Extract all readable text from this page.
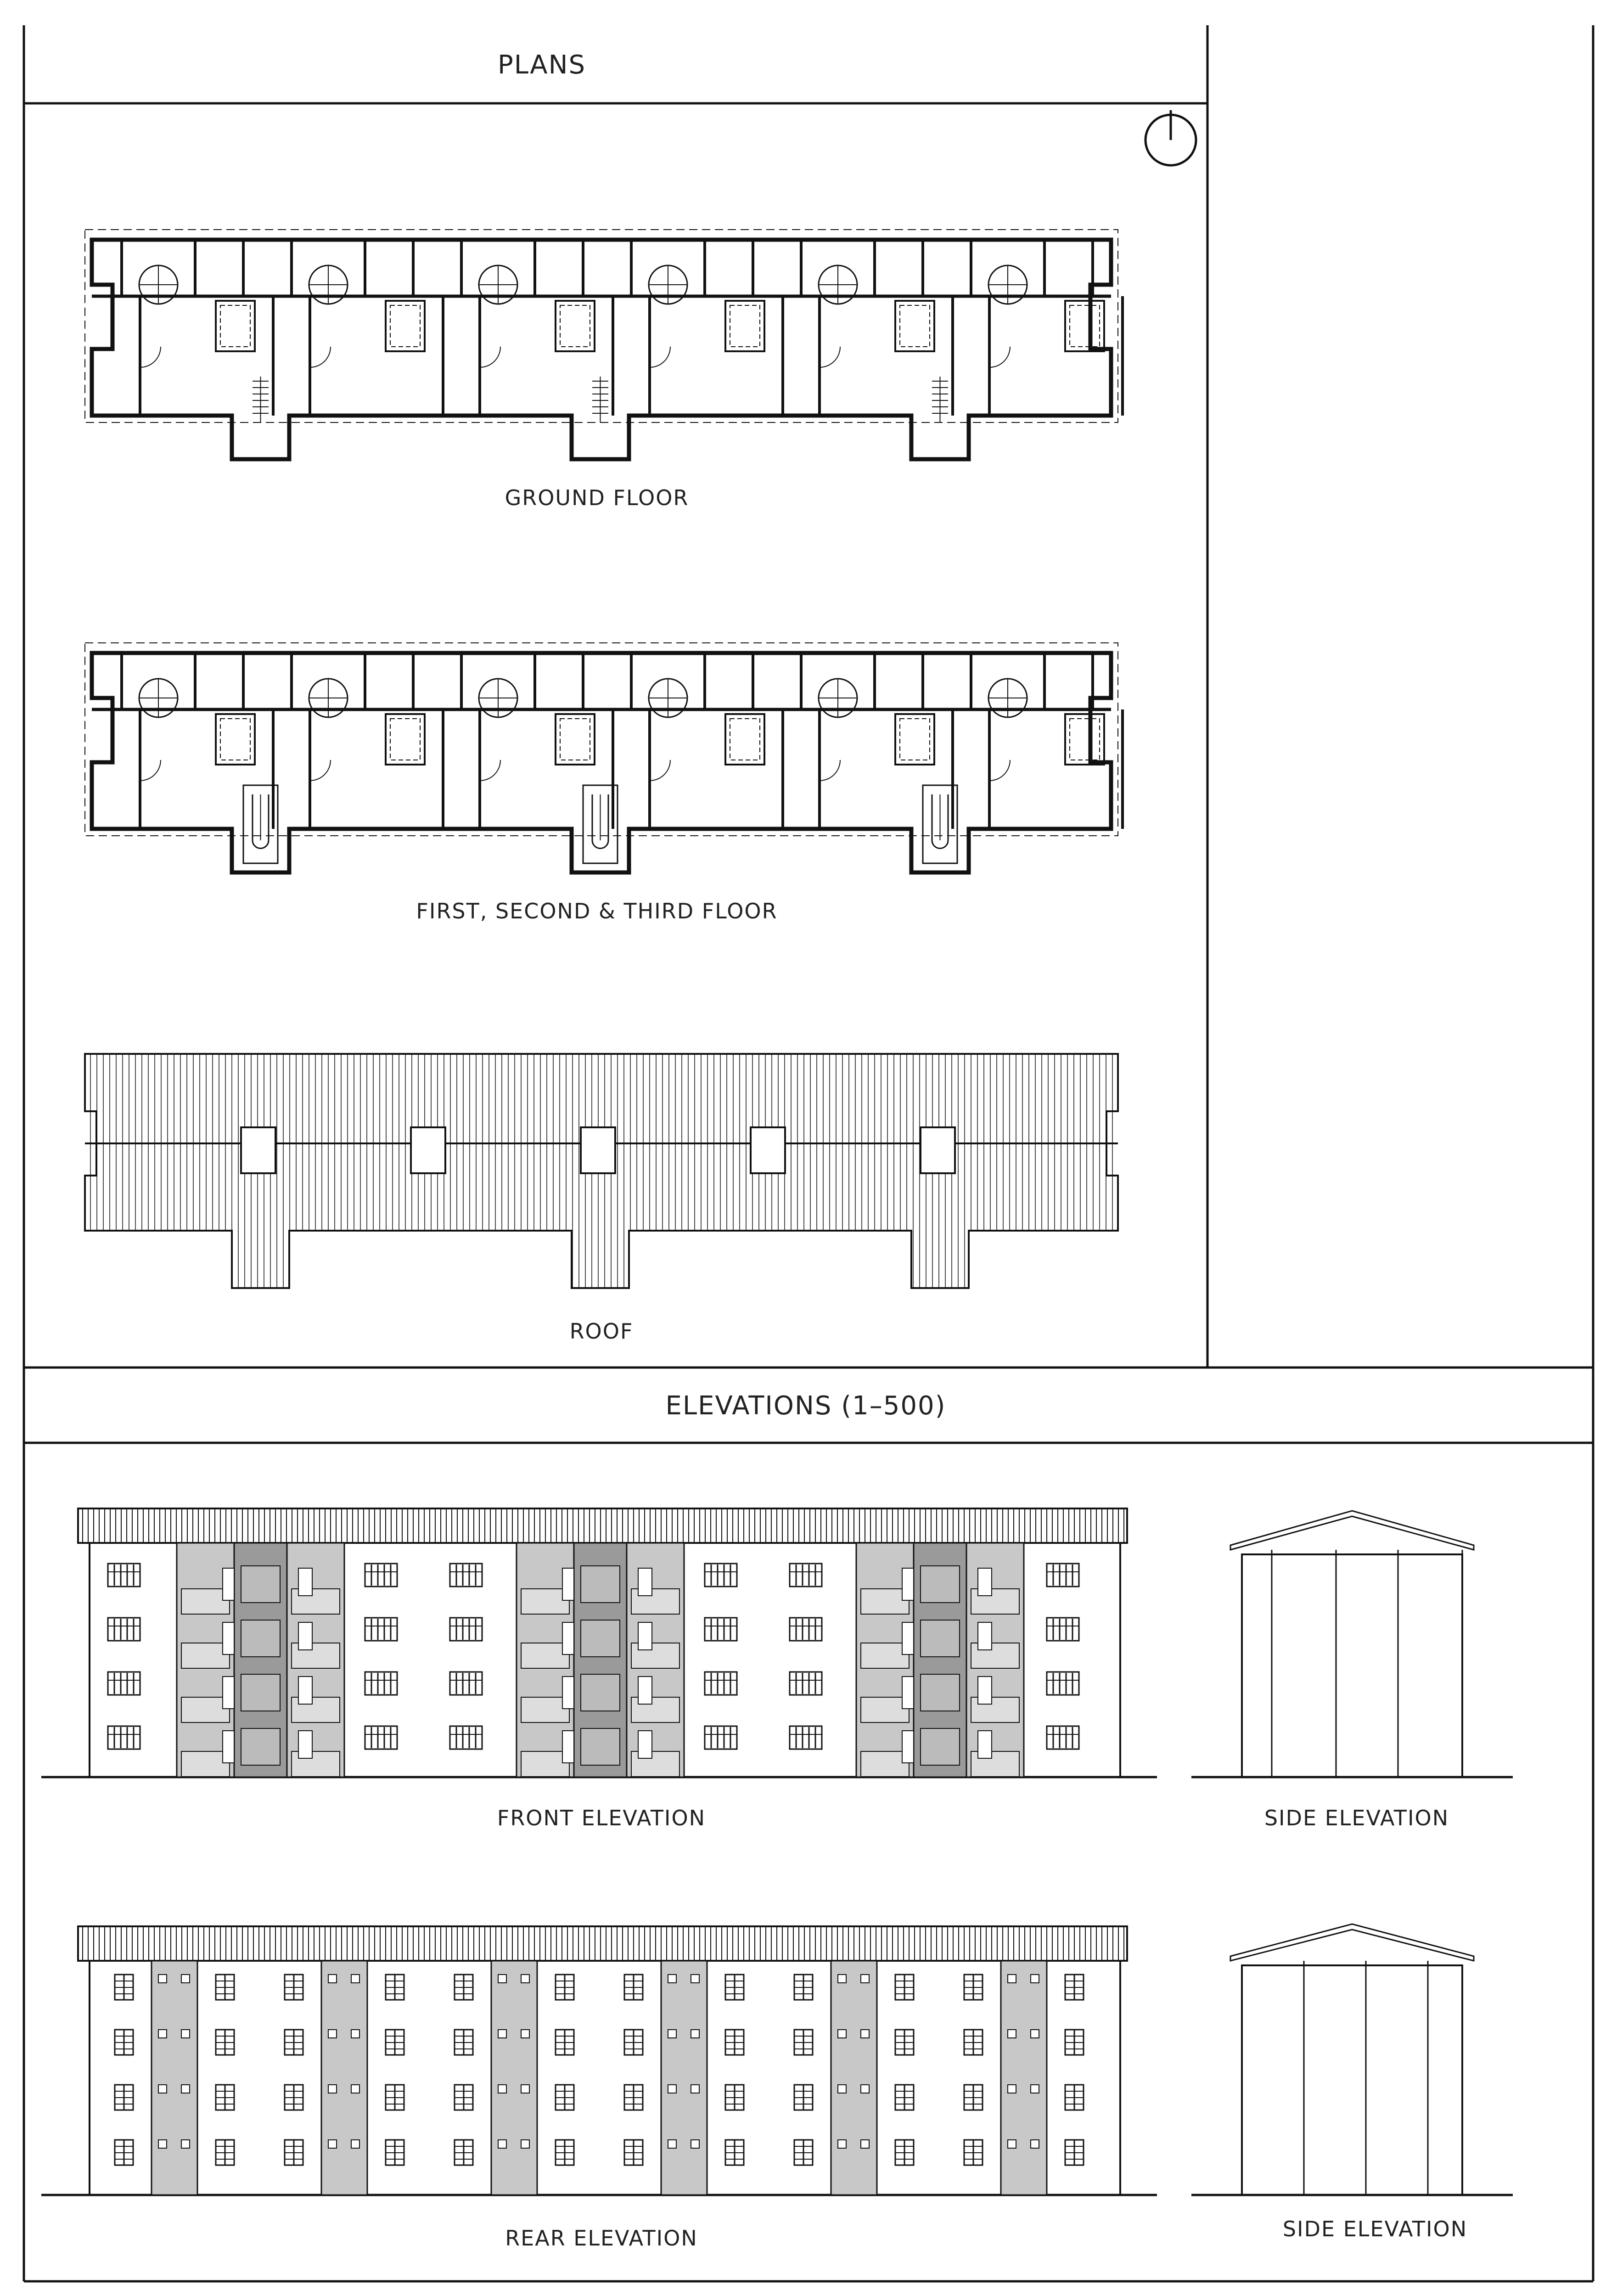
PLANS
ELEVATIONS (1–500)
GROUND FLOOR
FIRST, SECOND & THIRD FLOOR
ROOF
FRONT ELEVATION	SIDE ELEVATION
REAR ELEVATION	SIDE ELEVATION
